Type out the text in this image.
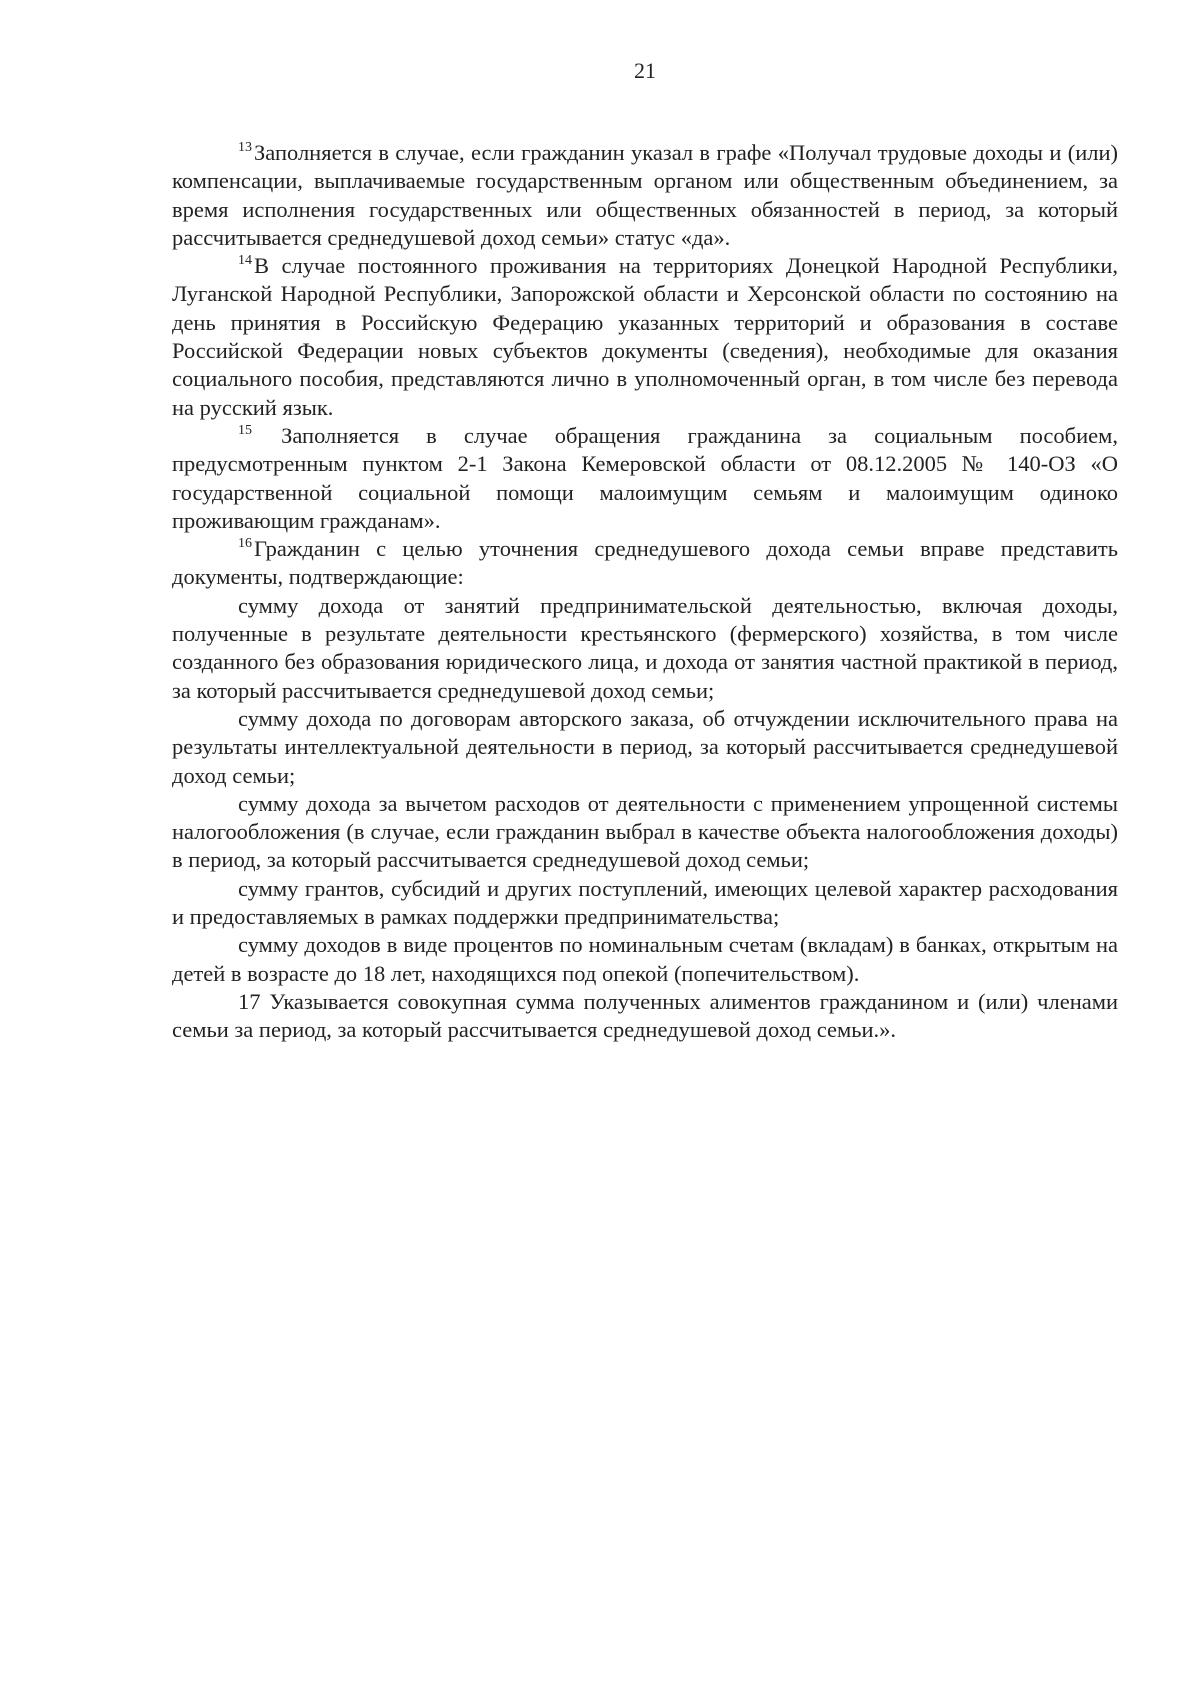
21

$^{13}$Заполняется в случае, если гражданин указал в графе «Получал трудовые доходы и (или) компенсации, выплачиваемые государственным органом или общественным объединением, за время исполнения государственных или общественных обязанностей в период, за который рассчитывается среднедушевой доход семьи» статус «да».

$^{14}$В случае постоянного проживания на территориях Донецкой Народной Республики, Луганской Народной Республики, Запорожской области и Херсонской области по состоянию на день принятия в Российскую Федерацию указанных территорий и образования в составе Российской Федерации новых субъектов документы (сведения), необходимые для оказания социального пособия, представляются лично в уполномоченный орган, в том числе без перевода на русский язык.

$^{15}$ Заполняется в случае обращения гражданина за социальным пособием, предусмотренным пунктом 2-1 Закона Кемеровской области от 08.12.2005 № 140-ОЗ «О государственной социальной помощи малоимущим семьям и малоимущим одиноко проживающим гражданам».

$^{16}$Гражданин с целью уточнения среднедушевого дохода семьи вправе представить документы, подтверждающие:

сумму дохода от занятий предпринимательской деятельностью, включая доходы, полученные в результате деятельности крестьянского (фермерского) хозяйства, в том числе созданного без образования юридического лица, и дохода от занятия частной практикой в период, за который рассчитывается среднедушевой доход семьи;

сумму дохода по договорам авторского заказа, об отчуждении исключительного права на результаты интеллектуальной деятельности в период, за который рассчитывается среднедушевой доход семьи;

сумму дохода за вычетом расходов от деятельности с применением упрощенной системы налогообложения (в случае, если гражданин выбрал в качестве объекта налогообложения доходы) в период, за который рассчитывается среднедушевой доход семьи;

сумму грантов, субсидий и других поступлений, имеющих целевой характер расходования и предоставляемых в рамках поддержки предпринимательства;

сумму доходов в виде процентов по номинальным счетам (вкладам) в банках, открытым на детей в возрасте до 18 лет, находящихся под опекой (попечительством).

17 Указывается совокупная сумма полученных алиментов гражданином и (или) членами семьи за период, за который рассчитывается среднедушевой доход семьи.».
